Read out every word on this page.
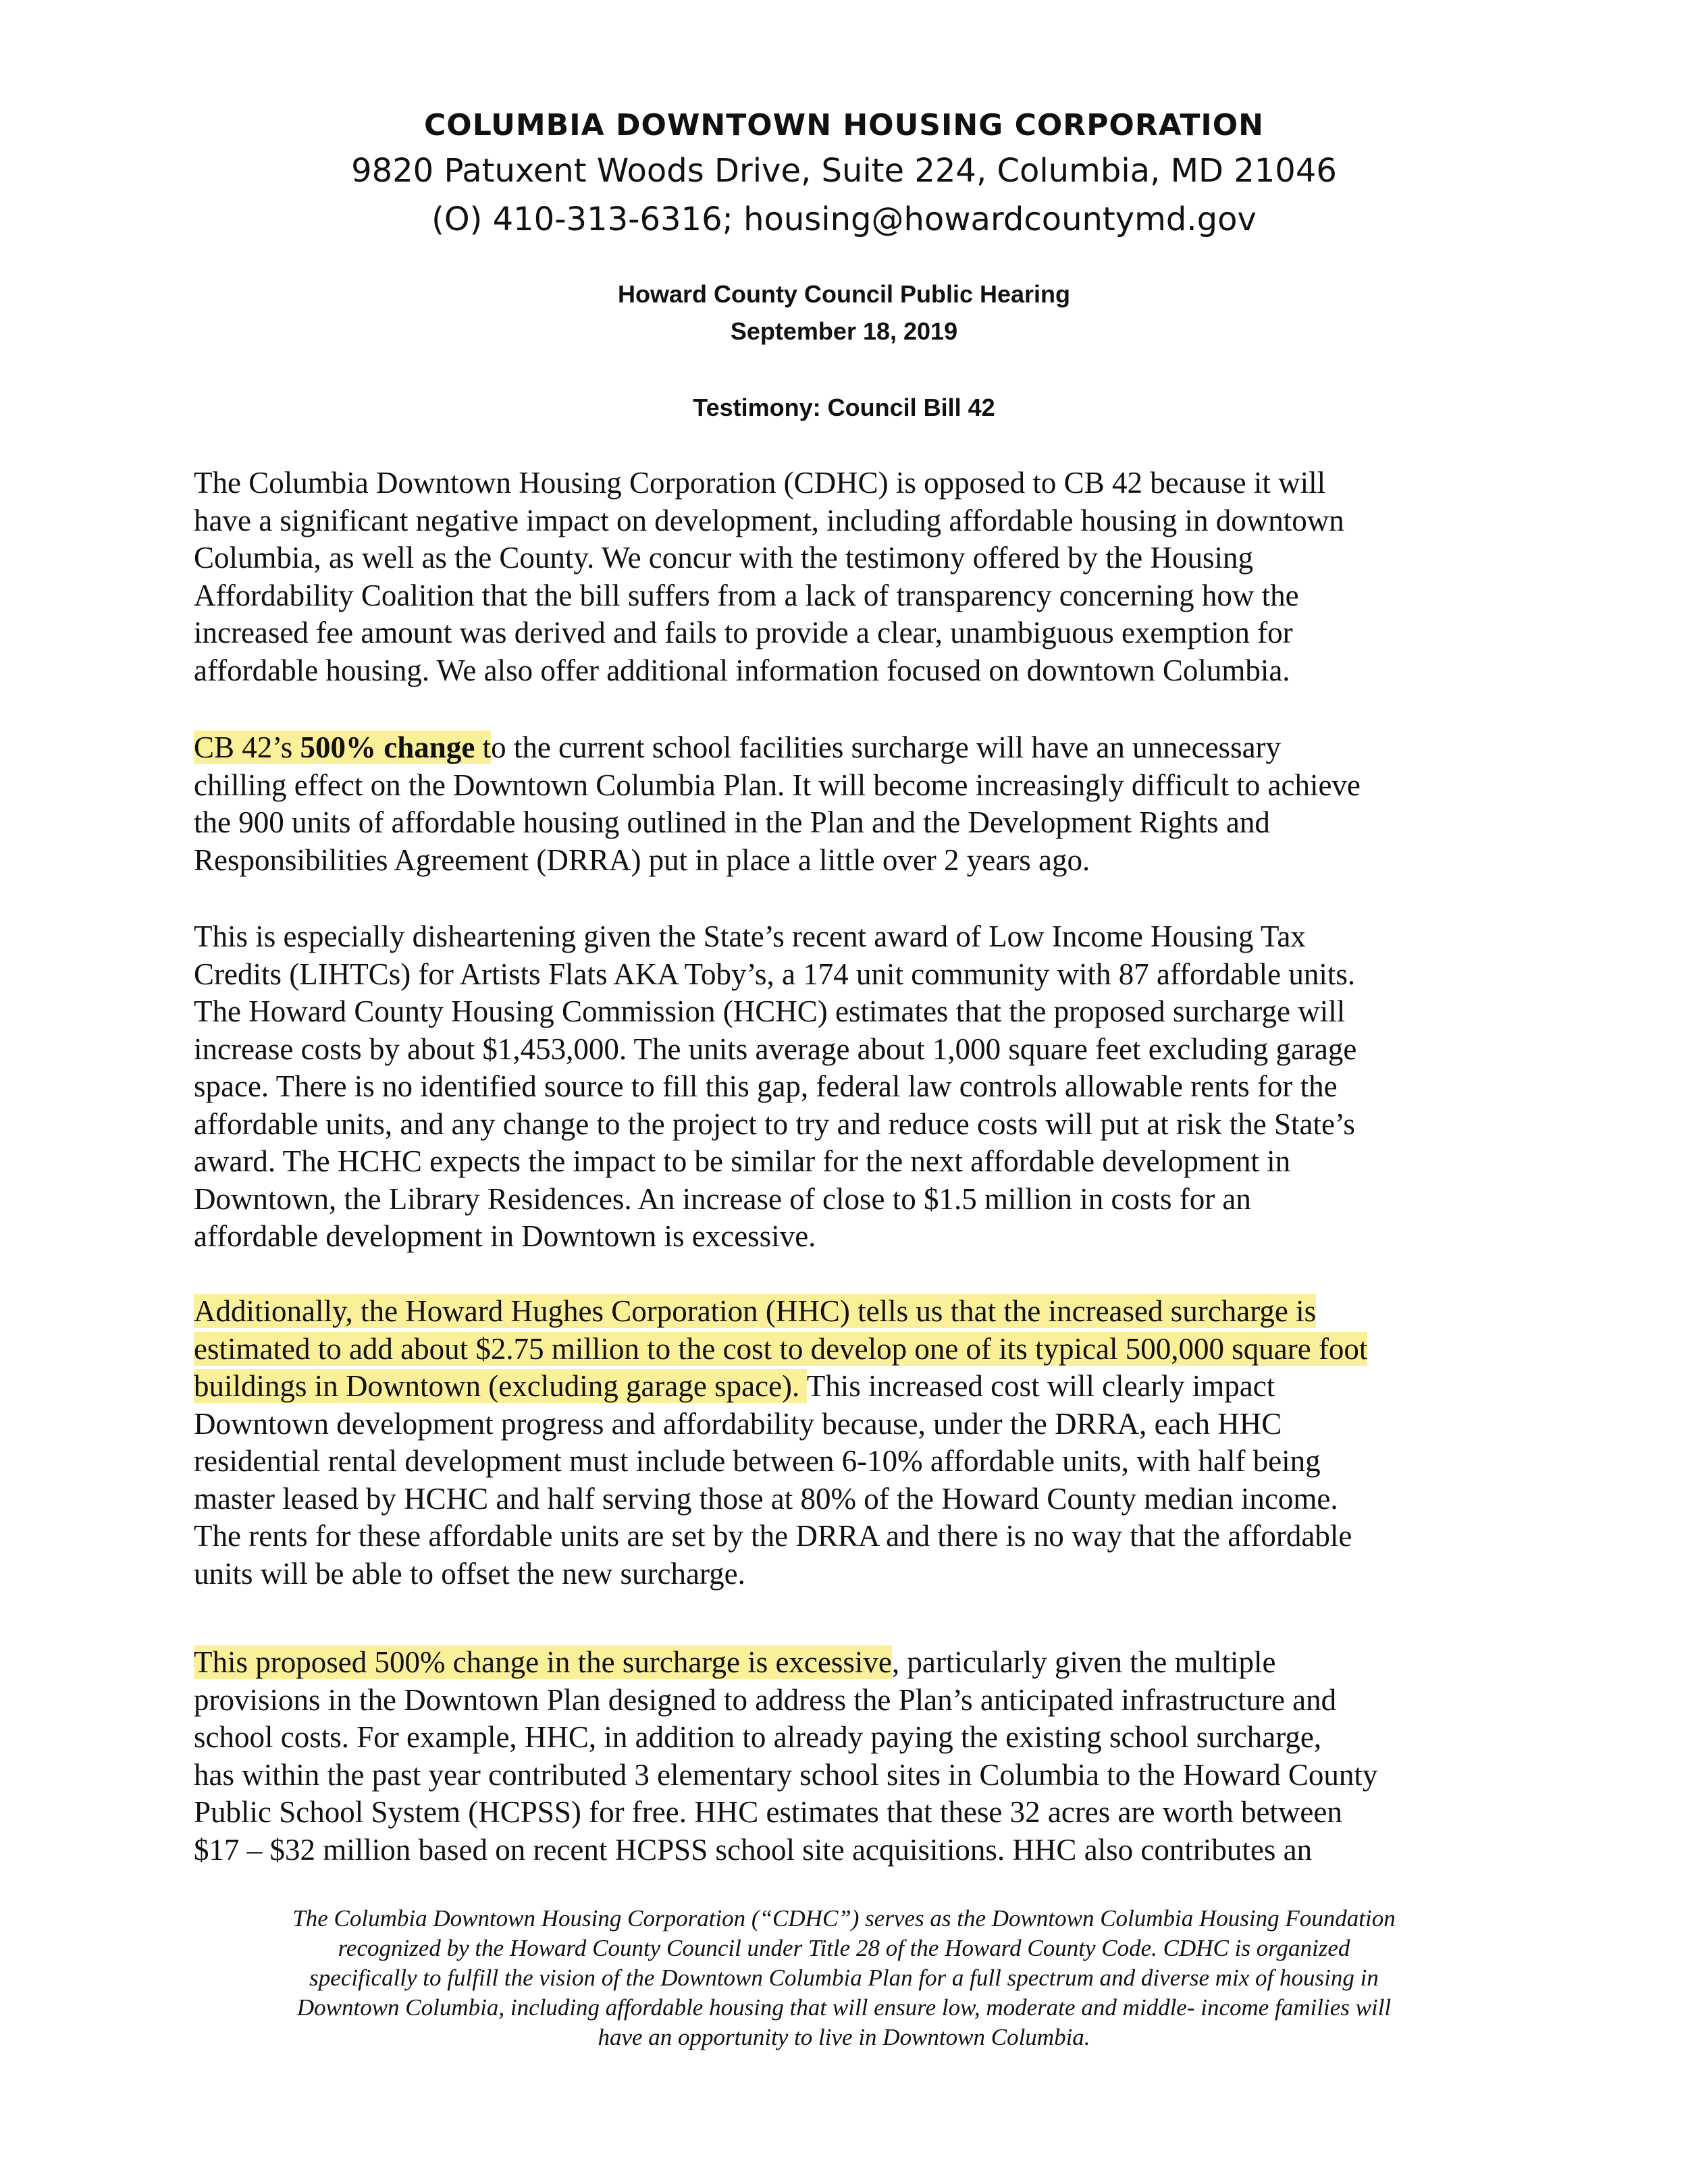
COLUMBIA DOWNTOWN HOUSING CORPORATION
9820 Patuxent Woods Drive, Suite 224, Columbia, MD 21046
(O) 410-313-6316; housing@howardcountymd.gov
Howard County Council Public Hearing
September 18, 2019
Testimony: Council Bill 42
The Columbia Downtown Housing Corporation (CDHC) is opposed to CB 42 because it will
have a significant negative impact on development, including affordable housing in downtown
Columbia, as well as the County. We concur with the testimony offered by the Housing
Affordability Coalition that the bill suffers from a lack of transparency concerning how the
increased fee amount was derived and fails to provide a clear, unambiguous exemption for
affordable housing. We also offer additional information focused on downtown Columbia.
CB 42’s 500% change to the current school facilities surcharge will have an unnecessary
chilling effect on the Downtown Columbia Plan. It will become increasingly difficult to achieve
the 900 units of affordable housing outlined in the Plan and the Development Rights and
Responsibilities Agreement (DRRA) put in place a little over 2 years ago.
This is especially disheartening given the State’s recent award of Low Income Housing Tax
Credits (LIHTCs) for Artists Flats AKA Toby’s, a 174 unit community with 87 affordable units.
The Howard County Housing Commission (HCHC) estimates that the proposed surcharge will
increase costs by about $1,453,000. The units average about 1,000 square feet excluding garage
space. There is no identified source to fill this gap, federal law controls allowable rents for the
affordable units, and any change to the project to try and reduce costs will put at risk the State’s
award. The HCHC expects the impact to be similar for the next affordable development in
Downtown, the Library Residences. An increase of close to $1.5 million in costs for an
affordable development in Downtown is excessive.
Additionally, the Howard Hughes Corporation (HHC) tells us that the increased surcharge is
estimated to add about $2.75 million to the cost to develop one of its typical 500,000 square foot
buildings in Downtown (excluding garage space). This increased cost will clearly impact
Downtown development progress and affordability because, under the DRRA, each HHC
residential rental development must include between 6-10% affordable units, with half being
master leased by HCHC and half serving those at 80% of the Howard County median income.
The rents for these affordable units are set by the DRRA and there is no way that the affordable
units will be able to offset the new surcharge.
This proposed 500% change in the surcharge is excessive, particularly given the multiple
provisions in the Downtown Plan designed to address the Plan’s anticipated infrastructure and
school costs. For example, HHC, in addition to already paying the existing school surcharge,
has within the past year contributed 3 elementary school sites in Columbia to the Howard County
Public School System (HCPSS) for free. HHC estimates that these 32 acres are worth between
$17 – $32 million based on recent HCPSS school site acquisitions. HHC also contributes an
The Columbia Downtown Housing Corporation (“CDHC”) serves as the Downtown Columbia Housing Foundation
recognized by the Howard County Council under Title 28 of the Howard County Code. CDHC is organized
specifically to fulfill the vision of the Downtown Columbia Plan for a full spectrum and diverse mix of housing in
Downtown Columbia, including affordable housing that will ensure low, moderate and middle- income families will
have an opportunity to live in Downtown Columbia.
